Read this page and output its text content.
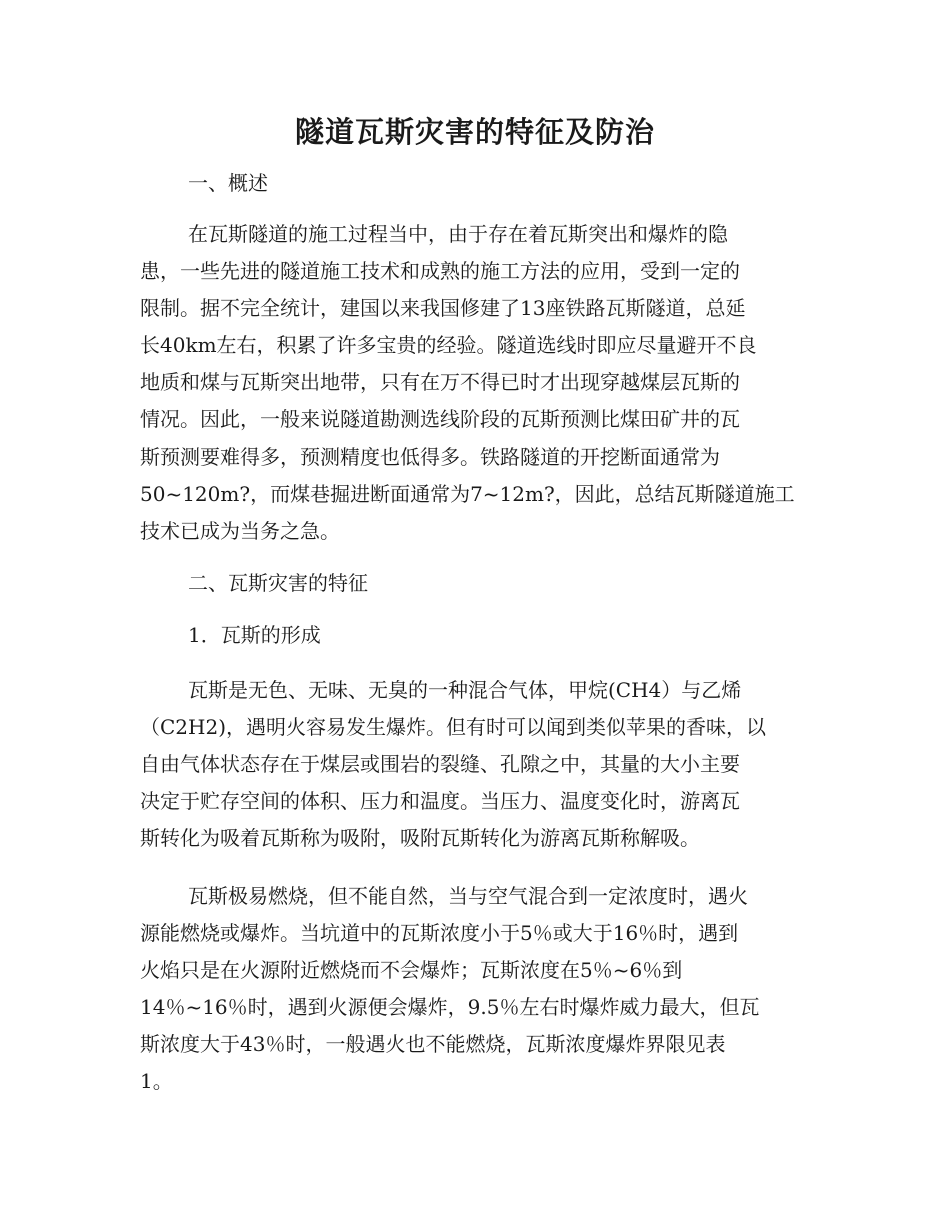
隧道瓦斯灾害的特征及防治
一、概述
在瓦斯隧道的施工过程当中，由于存在着瓦斯突出和爆炸的隐
患，一些先进的隧道施工技术和成熟的施工方法的应用，受到一定的
限制。据不完全统计，建国以来我国修建了13座铁路瓦斯隧道，总延
长40km左右，积累了许多宝贵的经验。隧道选线时即应尽量避开不良
地质和煤与瓦斯突出地带，只有在万不得已时才出现穿越煤层瓦斯的
情况。因此，一般来说隧道勘测选线阶段的瓦斯预测比煤田矿井的瓦
斯预测要难得多，预测精度也低得多。铁路隧道的开挖断面通常为
50~120m?，而煤巷掘进断面通常为7~12m?，因此，总结瓦斯隧道施工
技术已成为当务之急。
二、瓦斯灾害的特征
1．瓦斯的形成
瓦斯是无色、无味、无臭的一种混合气体，甲烷(CH4）与乙烯
（C2H2)，遇明火容易发生爆炸。但有时可以闻到类似苹果的香味，以
自由气体状态存在于煤层或围岩的裂缝、孔隙之中，其量的大小主要
决定于贮存空间的体积、压力和温度。当压力、温度变化时，游离瓦
斯转化为吸着瓦斯称为吸附，吸附瓦斯转化为游离瓦斯称解吸。
瓦斯极易燃烧，但不能自然，当与空气混合到一定浓度时，遇火
源能燃烧或爆炸。当坑道中的瓦斯浓度小于5％或大于16％时，遇到
火焰只是在火源附近燃烧而不会爆炸；瓦斯浓度在5％~6％到
14％~16％时，遇到火源便会爆炸，9.5％左右时爆炸威力最大，但瓦
斯浓度大于43％时，一般遇火也不能燃烧，瓦斯浓度爆炸界限见表
1。
